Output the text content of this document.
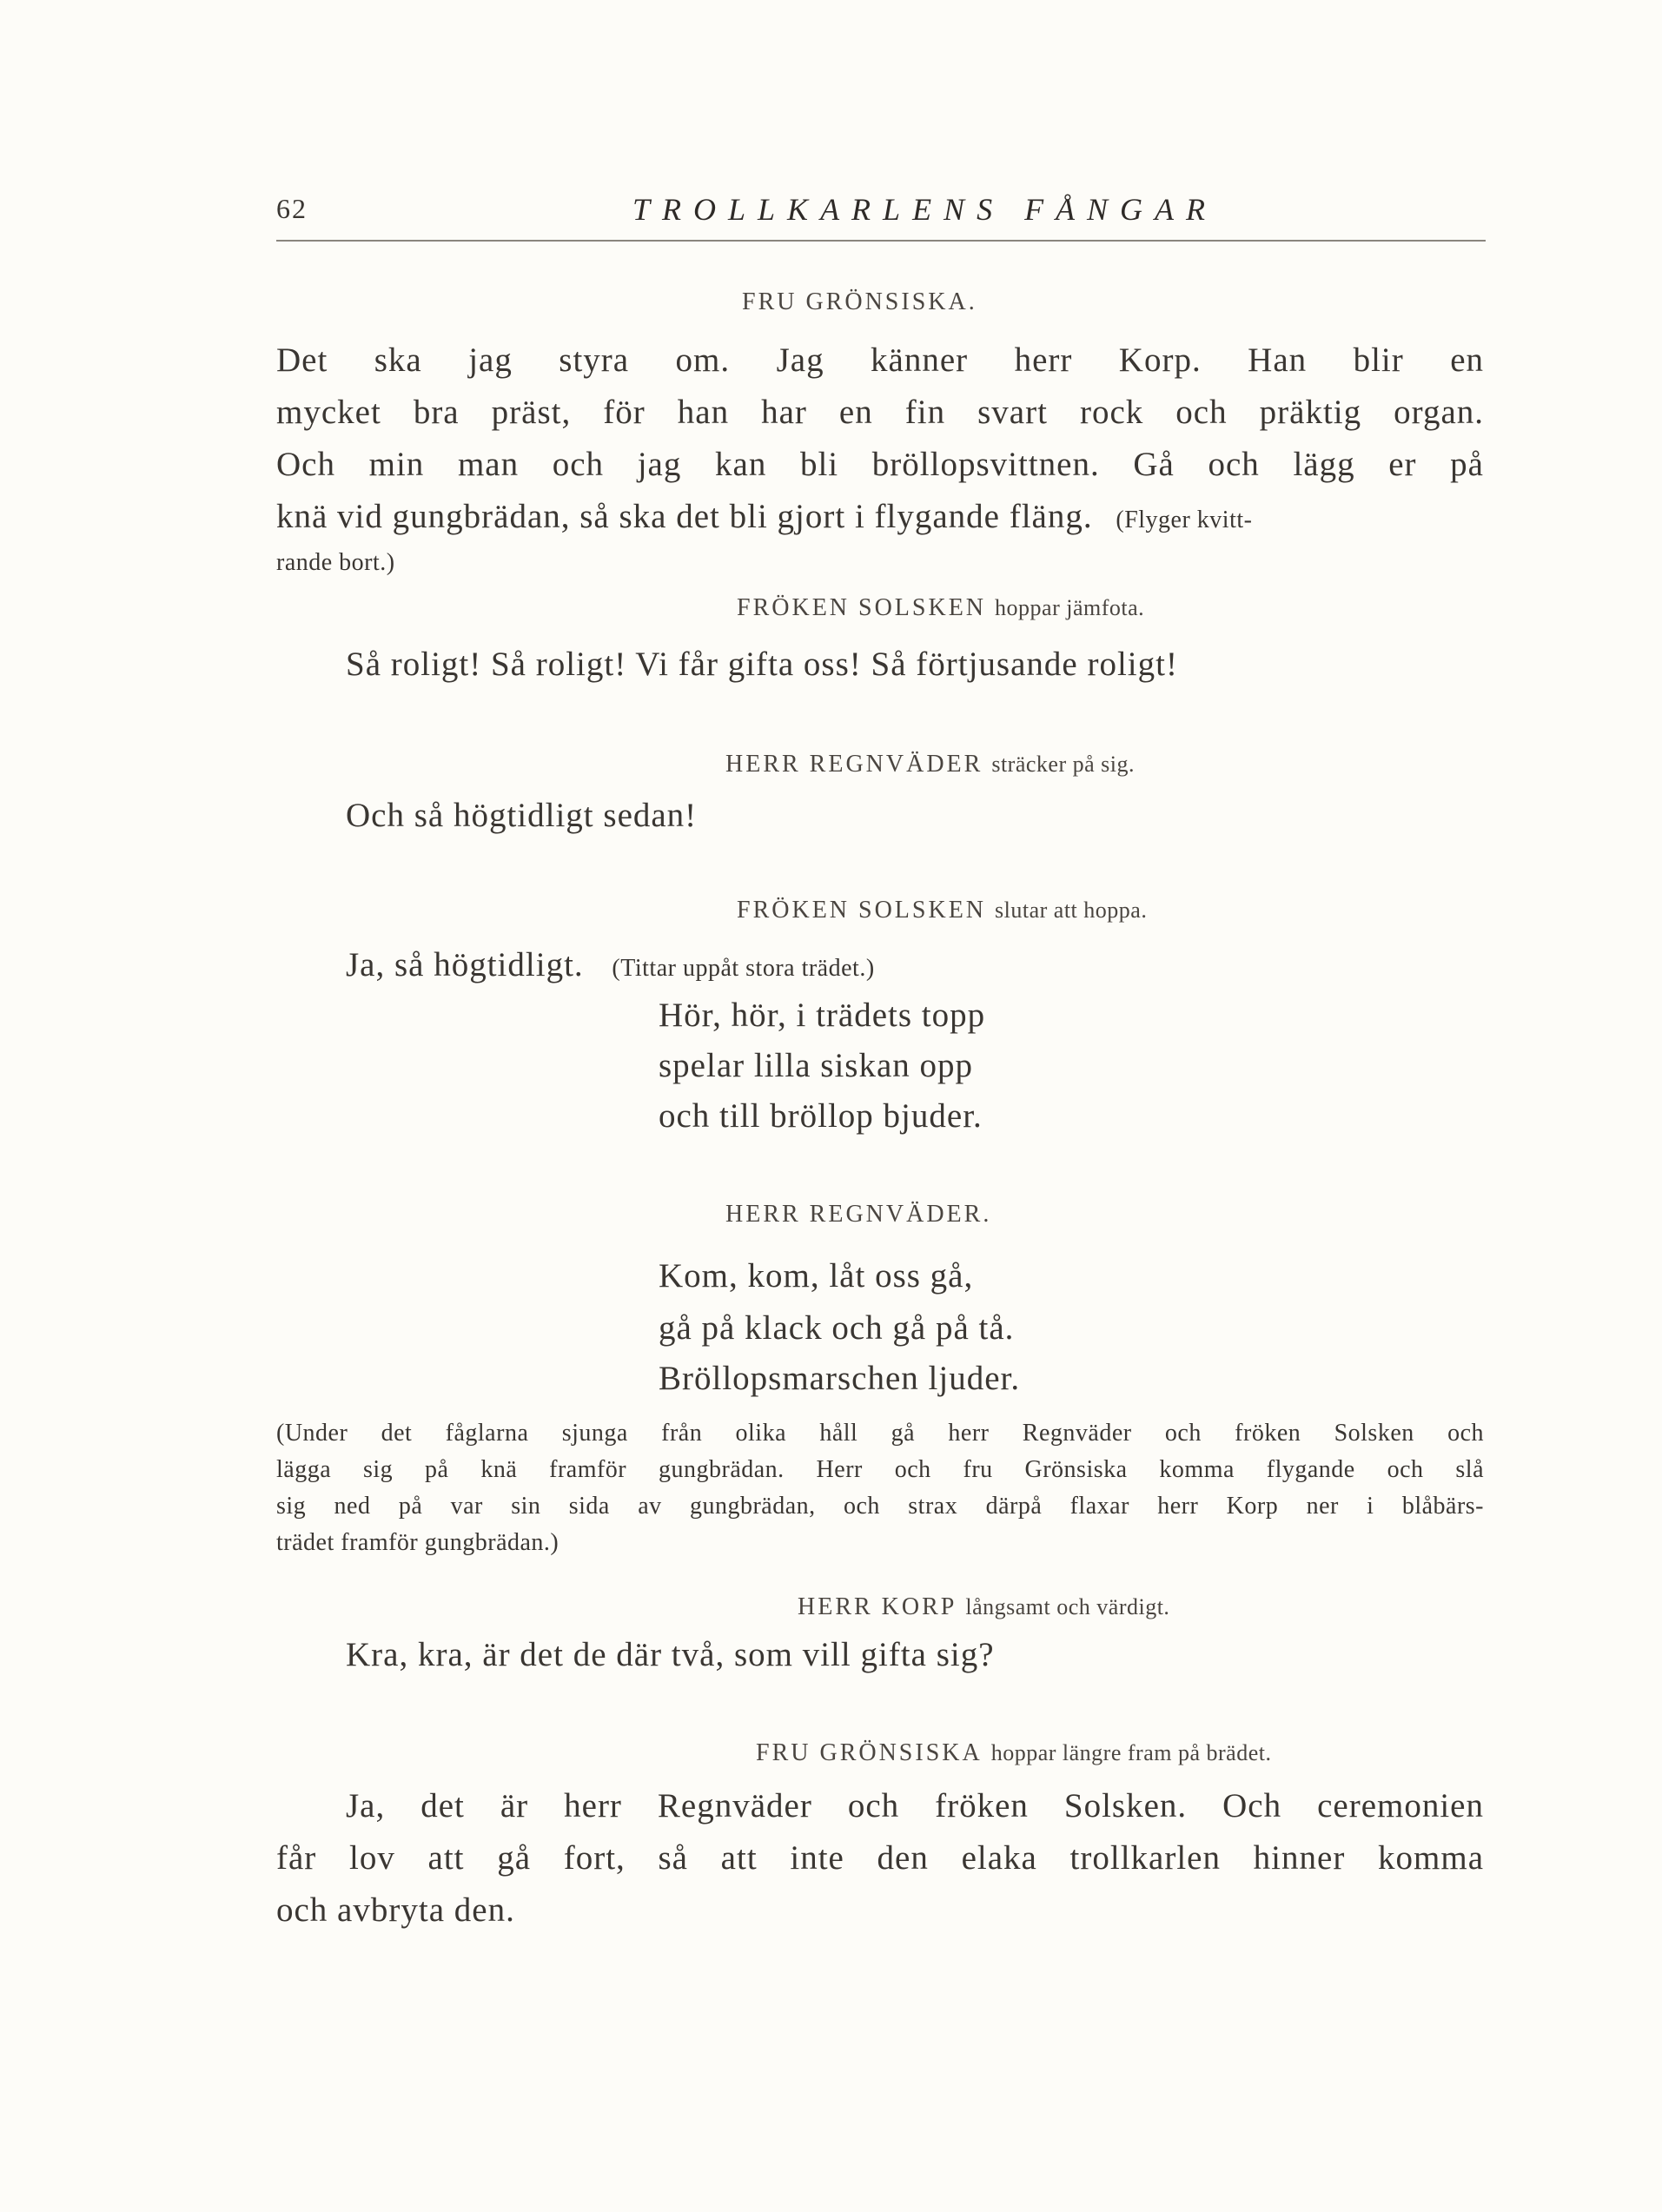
62	TROLLKARLENS FÅNGAR
FRU GRÖNSISKA.
Det ska jag styra om. Jag känner herr Korp. Han blir en
mycket bra präst, för han har en fin svart rock och präktig organ.
Och min man och jag kan bli bröllopsvittnen. Gå och lägg er på
knä vid gungbrädan, så ska det bli gjort i flygande fläng. (Flyger kvitt-
rande bort.)
FRÖKEN SOLSKEN hoppar jämfota.
Så roligt! Så roligt! Vi får gifta oss! Så förtjusande roligt!
HERR REGNVÄDER sträcker på sig.
Och så högtidligt sedan!
FRÖKEN SOLSKEN slutar att hoppa.
Ja, så högtidligt. (Tittar uppåt stora trädet.)
Hör, hör, i trädets topp
spelar lilla siskan opp
och till bröllop bjuder.
HERR REGNVÄDER.
Kom, kom, låt oss gå,
gå på klack och gå på tå.
Bröllopsmarschen ljuder.
(Under det fåglarna sjunga från olika håll gå herr Regnväder och fröken Solsken och
lägga sig på knä framför gungbrädan. Herr och fru Grönsiska komma flygande och slå
sig ned på var sin sida av gungbrädan, och strax därpå flaxar herr Korp ner i blåbärs-
trädet framför gungbrädan.)
HERR KORP långsamt och värdigt.
Kra, kra, är det de där två, som vill gifta sig?
FRU GRÖNSISKA hoppar längre fram på brädet.
Ja, det är herr Regnväder och fröken Solsken. Och ceremonien
får lov att gå fort, så att inte den elaka trollkarlen hinner komma
och avbryta den.
